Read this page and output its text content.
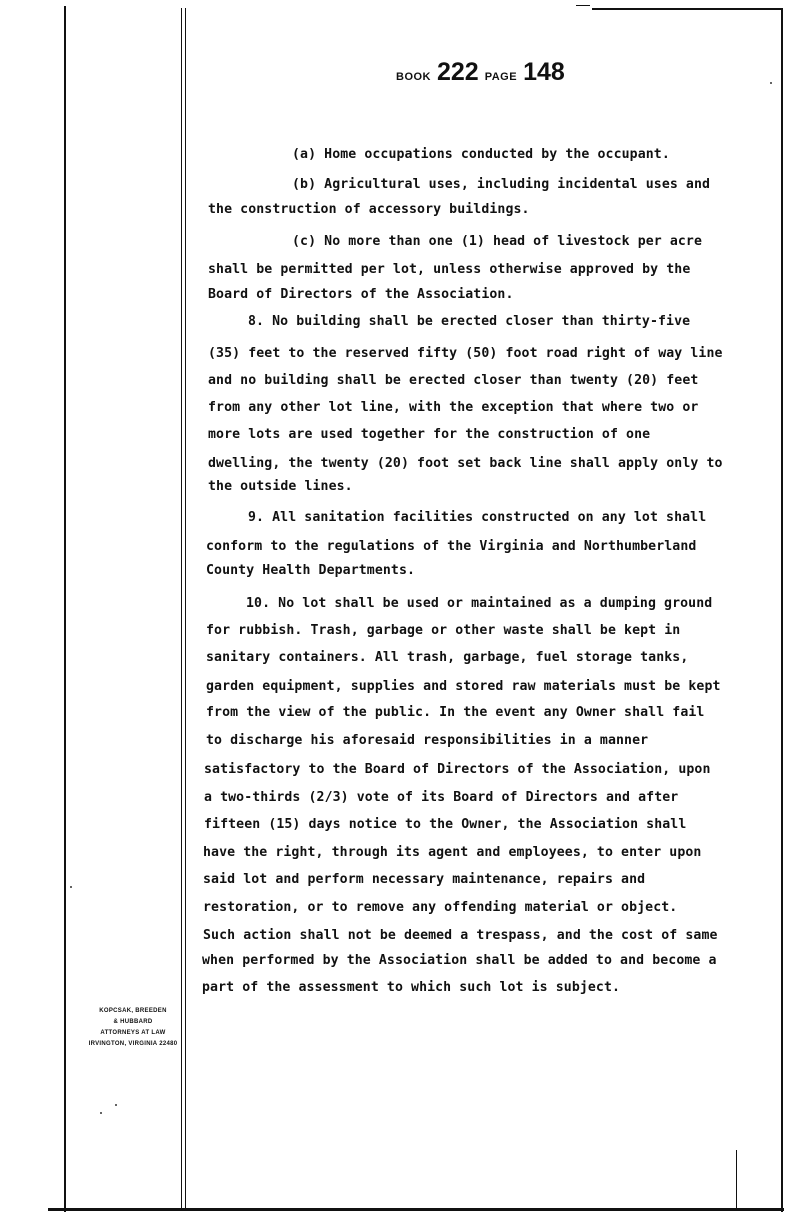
BOOK 222 PAGE 148
(a) Home occupations conducted by the occupant.
(b) Agricultural uses, including incidental uses and
the construction of accessory buildings.
(c) No more than one (1) head of livestock per acre
shall be permitted per lot, unless otherwise approved by the
Board of Directors of the Association.
8. No building shall be erected closer than thirty-five
(35) feet to the reserved fifty (50) foot road right of way line
and no building shall be erected closer than twenty (20) feet
from any other lot line, with the exception that where two or
more lots are used together for the construction of one
dwelling, the twenty (20) foot set back line shall apply only to
the outside lines.
9. All sanitation facilities constructed on any lot shall
conform to the regulations of the Virginia and Northumberland
County Health Departments.
10. No lot shall be used or maintained as a dumping ground
for rubbish. Trash, garbage or other waste shall be kept in
sanitary containers. All trash, garbage, fuel storage tanks,
garden equipment, supplies and stored raw materials must be kept
from the view of the public. In the event any Owner shall fail
to discharge his aforesaid responsibilities in a manner
satisfactory to the Board of Directors of the Association, upon
a two-thirds (2/3) vote of its Board of Directors and after
fifteen (15) days notice to the Owner, the Association shall
have the right, through its agent and employees, to enter upon
said lot and perform necessary maintenance, repairs and
restoration, or to remove any offending material or object.
Such action shall not be deemed a trespass, and the cost of same
when performed by the Association shall be added to and become a
part of the assessment to which such lot is subject.
KOPCSAK, BREEDEN
& HUBBARD
ATTORNEYS AT LAW
IRVINGTON, VIRGINIA 22480
